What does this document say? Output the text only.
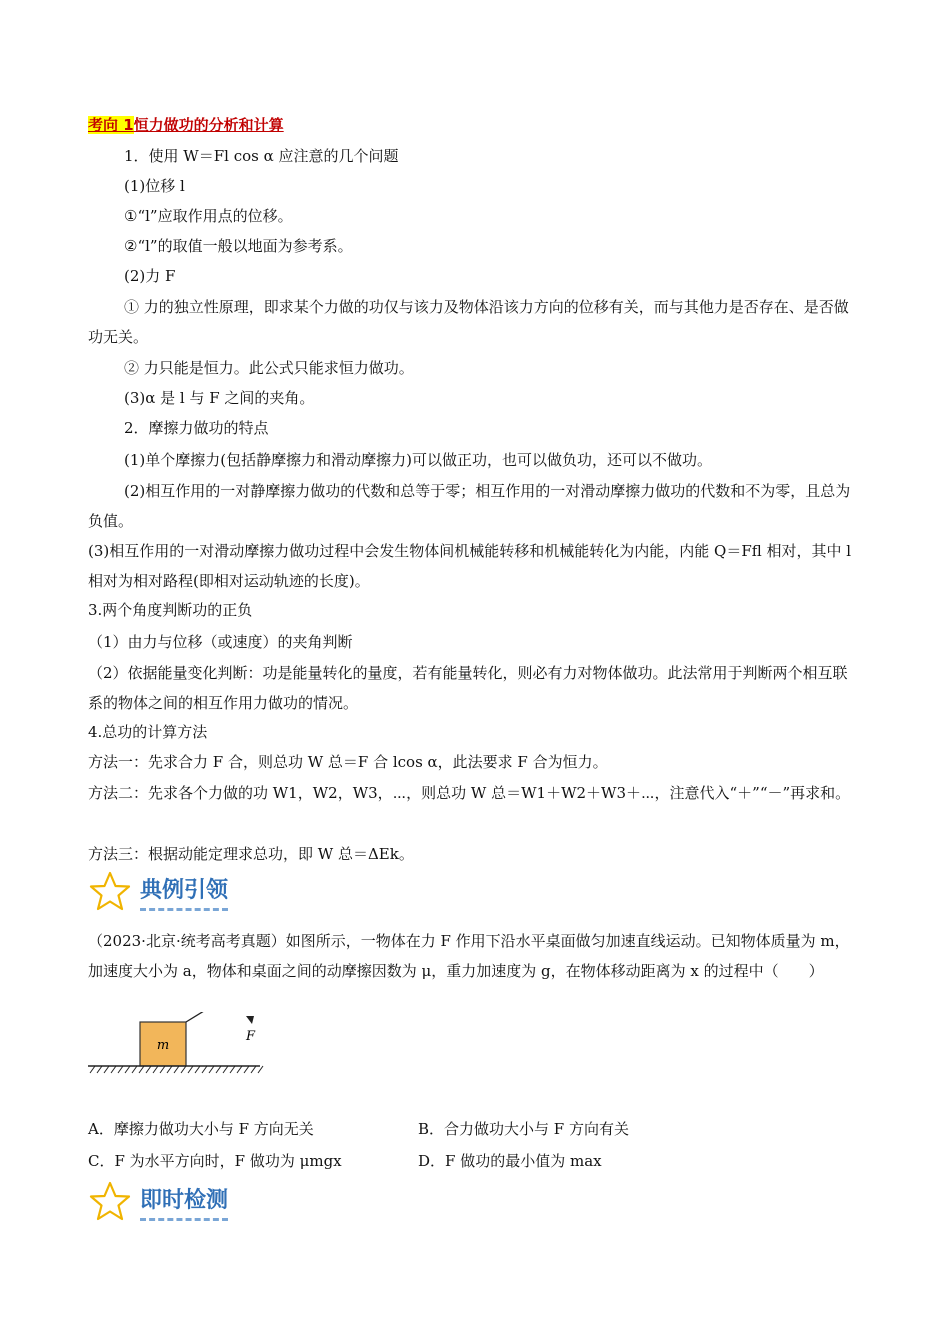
考向 1恒力做功的分析和计算
1．使用 W＝Fl cos α 应注意的几个问题
(1)位移 l
①“l”应取作用点的位移。
②“l”的取值一般以地面为参考系。
(2)力 F
① 力的独立性原理，即求某个力做的功仅与该力及物体沿该力方向的位移有关，而与其他力是否存在、是否做功无关。
② 力只能是恒力。此公式只能求恒力做功。
(3)α 是 l 与 F 之间的夹角。
2．摩擦力做功的特点
(1)单个摩擦力(包括静摩擦力和滑动摩擦力)可以做正功，也可以做负功，还可以不做功。
(2)相互作用的一对静摩擦力做功的代数和总等于零；相互作用的一对滑动摩擦力做功的代数和不为零，且总为负值。
(3)相互作用的一对滑动摩擦力做功过程中会发生物体间机械能转移和机械能转化为内能，内能 Q＝Ffl 相对，其中 l 相对为相对路程(即相对运动轨迹的长度)。
3.两个角度判断功的正负
（1）由力与位移（或速度）的夹角判断
（2）依据能量变化判断：功是能量转化的量度，若有能量转化，则必有力对物体做功。此法常用于判断两个相互联系的物体之间的相互作用力做功的情况。
4.总功的计算方法
方法一：先求合力 F 合，则总功 W 总＝F 合 lcos α，此法要求 F 合为恒力。
方法二：先求各个力做的功 W1，W2，W3，⋯，则总功 W 总＝W1＋W2＋W3＋⋯，注意代入“＋”“－”再求和。
方法三：根据动能定理求总功，即 W 总＝ΔEk。
典例引领
（2023·北京·统考高考真题）如图所示，一物体在力 F 作用下沿水平桌面做匀加速直线运动。已知物体质量为 m，加速度大小为 a，物体和桌面之间的动摩擦因数为 μ，重力加速度为 g，在物体移动距离为 x 的过程中（　　）
m
F
A．摩擦力做功大小与 F 方向无关	B．合力做功大小与 F 方向有关
C．F 为水平方向时，F 做功为 μmgx	D．F 做功的最小值为 max
即时检测
